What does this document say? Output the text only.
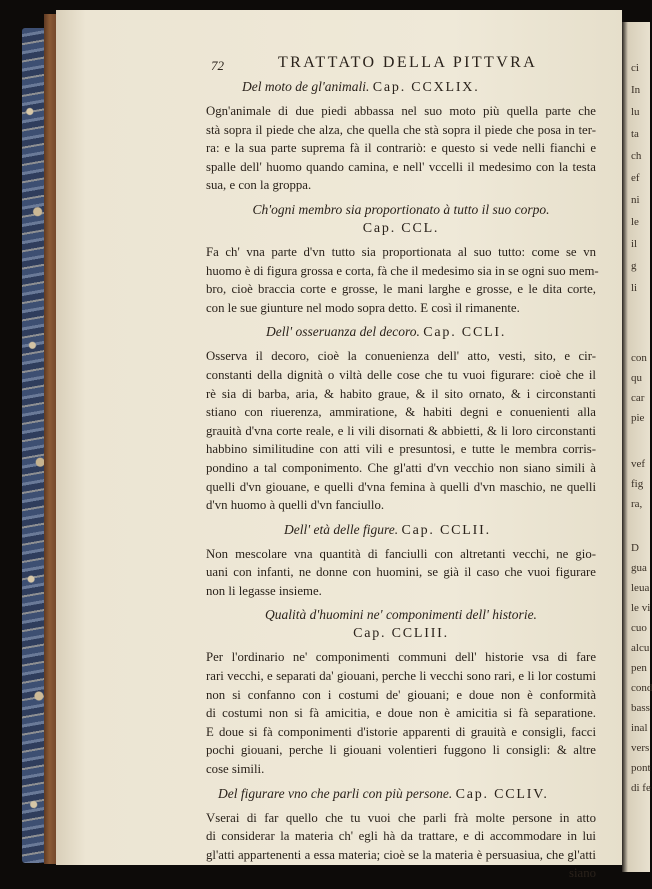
ci
In
lu
ta
ch
ef
ni
le
il
g
li
con
qu
car
pie
vef
fig
ra,
D
gua
leua
le vi
cuo
alcu
pen
cond
bass
inal
vers
pont
di fe
72	TRATTATO DELLA PITTVRA
Del moto de gl'animali. Cap. CCXLIX.
Ogn'animale di due piedi abbassa nel suo moto più quella parte che
stà sopra il piede che alza, che quella che stà sopra il piede che posa in ter-
ra: e la sua parte suprema fà il contrariò: e questo si vede nelli fianchi e
spalle dell' huomo quando camina, e nell' vccelli il medesimo con la testa
sua, e con la groppa.
Ch'ogni membro sia proportionato à tutto il suo corpo.
Cap. CCL.
Fa ch' vna parte d'vn tutto sia proportionata al suo tutto: come se vn
huomo è di figura grossa e corta, fà che il medesimo sia in se ogni suo mem-
bro, cioè braccia corte e grosse, le mani larghe e grosse, e le dita corte,
con le sue giunture nel modo sopra detto. E così il rimanente.
Dell' osseruanza del decoro. Cap. CCLI.
Osserva il decoro, cioè la conuenienza dell' atto, vesti, sito, e cir-
constanti della dignità o viltà delle cose che tu vuoi figurare: cioè che il
rè sia di barba, aria, & habito graue, & il sito ornato, & i circonstanti
stiano con riuerenza, ammiratione, & habiti degni e conuenienti alla
grauità d'vna corte reale, e li vili disornati & abbietti, & li loro circonstanti
habbino similitudine con atti vili e presuntosi, e tutte le membra corris-
pondino a tal componimento. Che gl'atti d'vn vecchio non siano simili à
quelli d'vn giouane, e quelli d'vna femina à quelli d'vn maschio, ne quelli
d'vn huomo à quelli d'vn fanciullo.
Dell' età delle figure. Cap. CCLII.
Non mescolare vna quantità di fanciulli con altretanti vecchi, ne gio-
uani con infanti, ne donne con huomini, se già il caso che vuoi figurare
non li legasse insieme.
Qualità d'huomini ne' componimenti dell' historie.
Cap. CCLIII.
Per l'ordinario ne' componimenti communi dell' historie vsa di fare
rari vecchi, e separati da' giouani, perche li vecchi sono rari, e li lor costumi
non si confanno con i costumi de' giouani; e doue non è conformità
di costumi non si fà amicitia, e doue non è amicitia si fà separatione.
E doue si fà componimenti d'istorie apparenti di grauità e consigli, facci
pochi giouani, perche li giouani volentieri fuggono li consigli: & altre
cose simili.
Del figurare vno che parli con più persone. Cap. CCLIV.
Vserai di far quello che tu vuoi che parli frà molte persone in atto
di considerar la materia ch' egli hà da trattare, e di accommodare in lui
gl'atti appartenenti a essa materia; cioè se la materia è persuasiua, che gl'atti
siano
